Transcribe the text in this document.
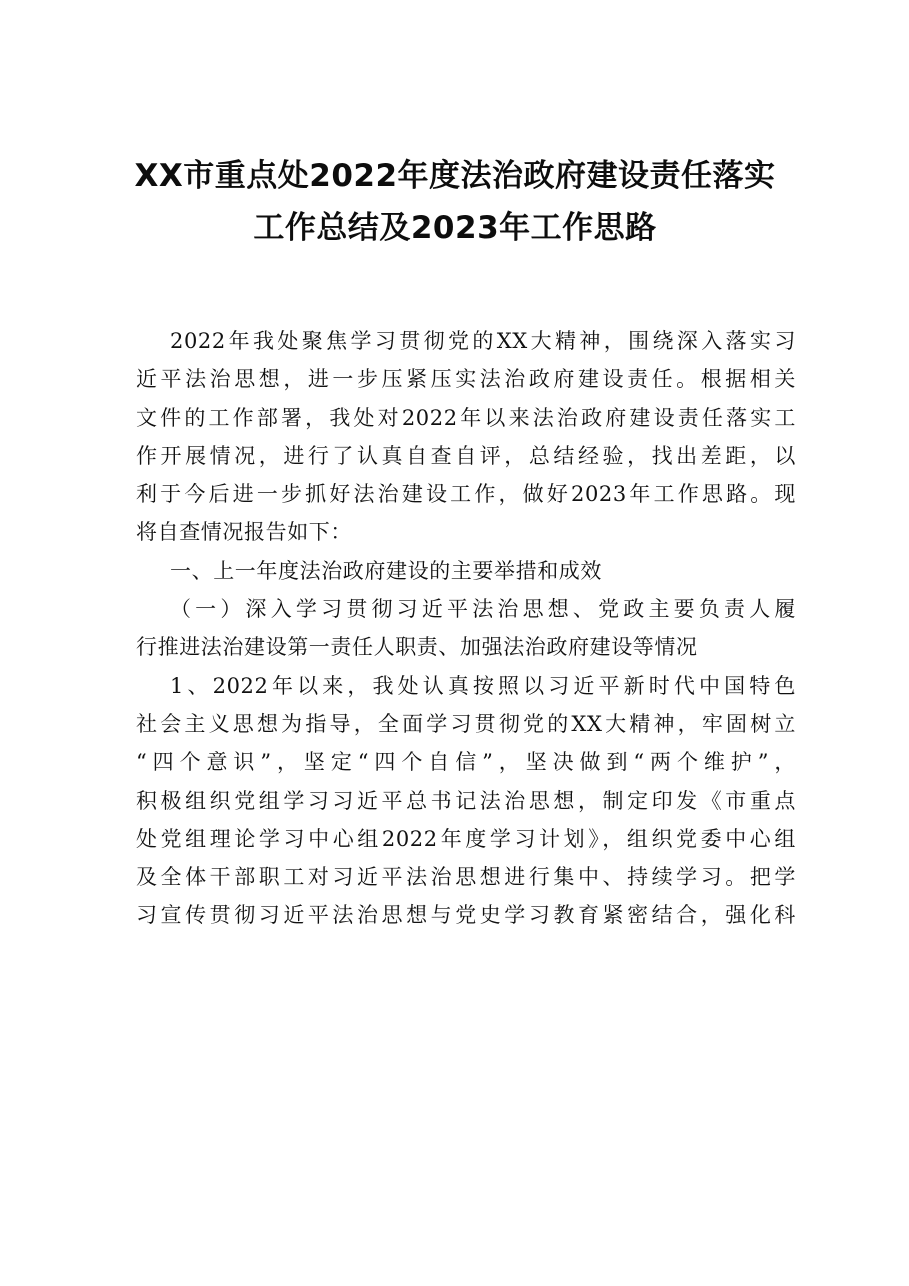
XX市重点处2022年度法治政府建设责任落实
工作总结及2023年工作思路
2022年我处聚焦学习贯彻党的XX大精神，围绕深入落实习
近平法治思想，进一步压紧压实法治政府建设责任。根据相关
文件的工作部署，我处对2022年以来法治政府建设责任落实工
作开展情况，进行了认真自查自评，总结经验，找出差距，以
利于今后进一步抓好法治建设工作，做好2023年工作思路。现
将自查情况报告如下：
一、上一年度法治政府建设的主要举措和成效
（一）深入学习贯彻习近平法治思想、党政主要负责人履
行推进法治建设第一责任人职责、加强法治政府建设等情况
1、2022年以来，我处认真按照以习近平新时代中国特色
社会主义思想为指导，全面学习贯彻党的XX大精神，牢固树立
“四个意识”，坚定“四个自信”，坚决做到“两个维护”，
积极组织党组学习习近平总书记法治思想，制定印发《市重点
处党组理论学习中心组2022年度学习计划》，组织党委中心组
及全体干部职工对习近平法治思想进行集中、持续学习。把学
习宣传贯彻习近平法治思想与党史学习教育紧密结合，强化科
